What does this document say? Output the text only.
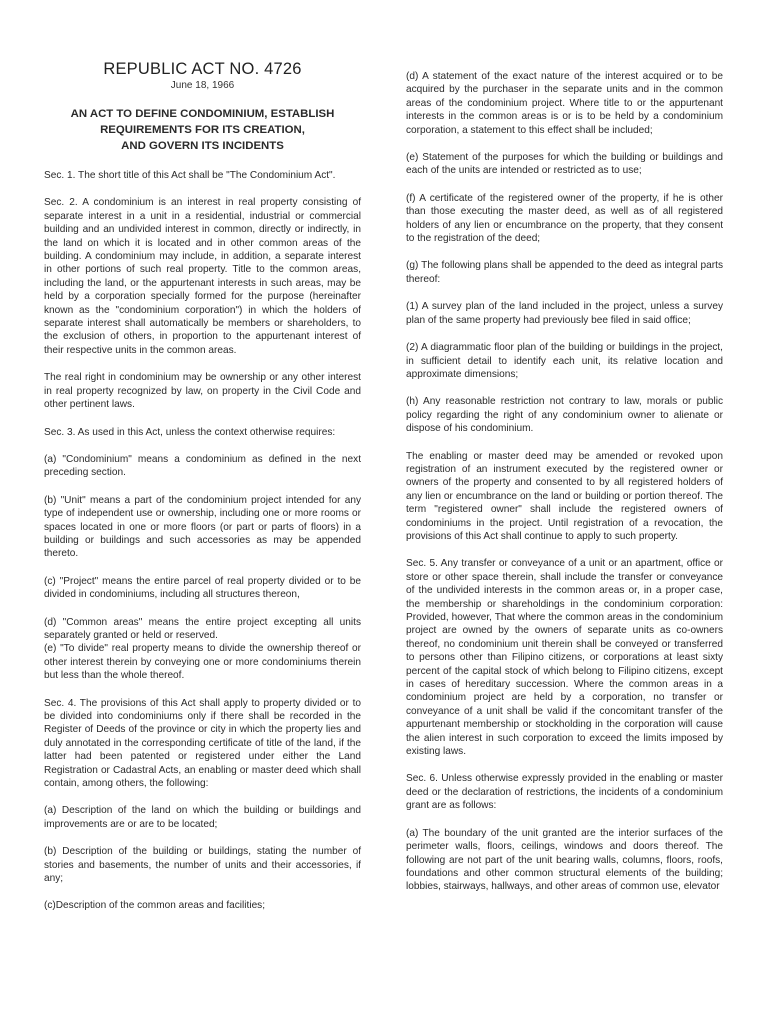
REPUBLIC ACT NO. 4726
June 18, 1966
AN ACT TO DEFINE CONDOMINIUM, ESTABLISH
REQUIREMENTS FOR ITS CREATION,
AND GOVERN ITS INCIDENTS

Sec. 1. The short title of this Act shall be "The Condominium Act".

Sec. 2. A condominium is an interest in real property consisting of separate interest in a unit in a residential, industrial or commercial building and an undivided interest in common, directly or indirectly, in the land on which it is located and in other common areas of the building. A condominium may include, in addition, a separate interest in other portions of such real property. Title to the common areas, including the land, or the appurtenant interests in such areas, may be held by a corporation specially formed for the purpose (hereinafter known as the "condominium corporation") in which the holders of separate interest shall automatically be members or shareholders, to the exclusion of others, in proportion to the appurtenant interest of their respective units in the common areas.

The real right in condominium may be ownership or any other interest in real property recognized by law, on property in the Civil Code and other pertinent laws.

Sec. 3. As used in this Act, unless the context otherwise requires:

(a) "Condominium" means a condominium as defined in the next preceding section.

(b) "Unit" means a part of the condominium project intended for any type of independent use or ownership, including one or more rooms or spaces located in one or more floors (or part or parts of floors) in a building or buildings and such accessories as may be appended thereto.

(c) "Project" means the entire parcel of real property divided or to be divided in condominiums, including all structures thereon,

(d) "Common areas" means the entire project excepting all units separately granted or held or reserved.

(e) "To divide" real property means to divide the ownership thereof or other interest therein by conveying one or more condominiums therein but less than the whole thereof.

Sec. 4. The provisions of this Act shall apply to property divided or to be divided into condominiums only if there shall be recorded in the Register of Deeds of the province or city in which the property lies and duly annotated in the corresponding certificate of title of the land, if the latter had been patented or registered under either the Land Registration or Cadastral Acts, an enabling or master deed which shall contain, among others, the following:

(a) Description of the land on which the building or buildings and improvements are or are to be located;

(b) Description of the building or buildings, stating the number of stories and basements, the number of units and their accessories, if any;

(c)Description of the common areas and facilities;

(d) A statement of the exact nature of the interest acquired or to be acquired by the purchaser in the separate units and in the common areas of the condominium project. Where title to or the appurtenant interests in the common areas is or is to be held by a condominium corporation, a statement to this effect shall be included;

(e) Statement of the purposes for which the building or buildings and each of the units are intended or restricted as to use;

(f) A certificate of the registered owner of the property, if he is other than those executing the master deed, as well as of all registered holders of any lien or encumbrance on the property, that they consent to the registration of the deed;

(g) The following plans shall be appended to the deed as integral parts thereof:

(1) A survey plan of the land included in the project, unless a survey plan of the same property had previously bee filed in said office;

(2) A diagrammatic floor plan of the building or buildings in the project, in sufficient detail to identify each unit, its relative location and approximate dimensions;

(h) Any reasonable restriction not contrary to law, morals or public policy regarding the right of any condominium owner to alienate or dispose of his condominium.

The enabling or master deed may be amended or revoked upon registration of an instrument executed by the registered owner or owners of the property and consented to by all registered holders of any lien or encumbrance on the land or building or portion thereof. The term "registered owner" shall include the registered owners of condominiums in the project. Until registration of a revocation, the provisions of this Act shall continue to apply to such property.

Sec. 5. Any transfer or conveyance of a unit or an apartment, office or store or other space therein, shall include the transfer or conveyance of the undivided interests in the common areas or, in a proper case, the membership or shareholdings in the condominium corporation: Provided, however, That where the common areas in the condominium project are owned by the owners of separate units as co-owners thereof, no condominium unit therein shall be conveyed or transferred to persons other than Filipino citizens, or corporations at least sixty percent of the capital stock of which belong to Filipino citizens, except in cases of hereditary succession. Where the common areas in a condominium project are held by a corporation, no transfer or conveyance of a unit shall be valid if the concomitant transfer of the appurtenant membership or stockholding in the corporation will cause the alien interest in such corporation to exceed the limits imposed by existing laws.

Sec. 6. Unless otherwise expressly provided in the enabling or master deed or the declaration of restrictions, the incidents of a condominium grant are as follows:

(a) The boundary of the unit granted are the interior surfaces of the perimeter walls, floors, ceilings, windows and doors thereof. The following are not part of the unit bearing walls, columns, floors, roofs, foundations and other common structural elements of the building; lobbies, stairways, hallways, and other areas of common use, elevator
